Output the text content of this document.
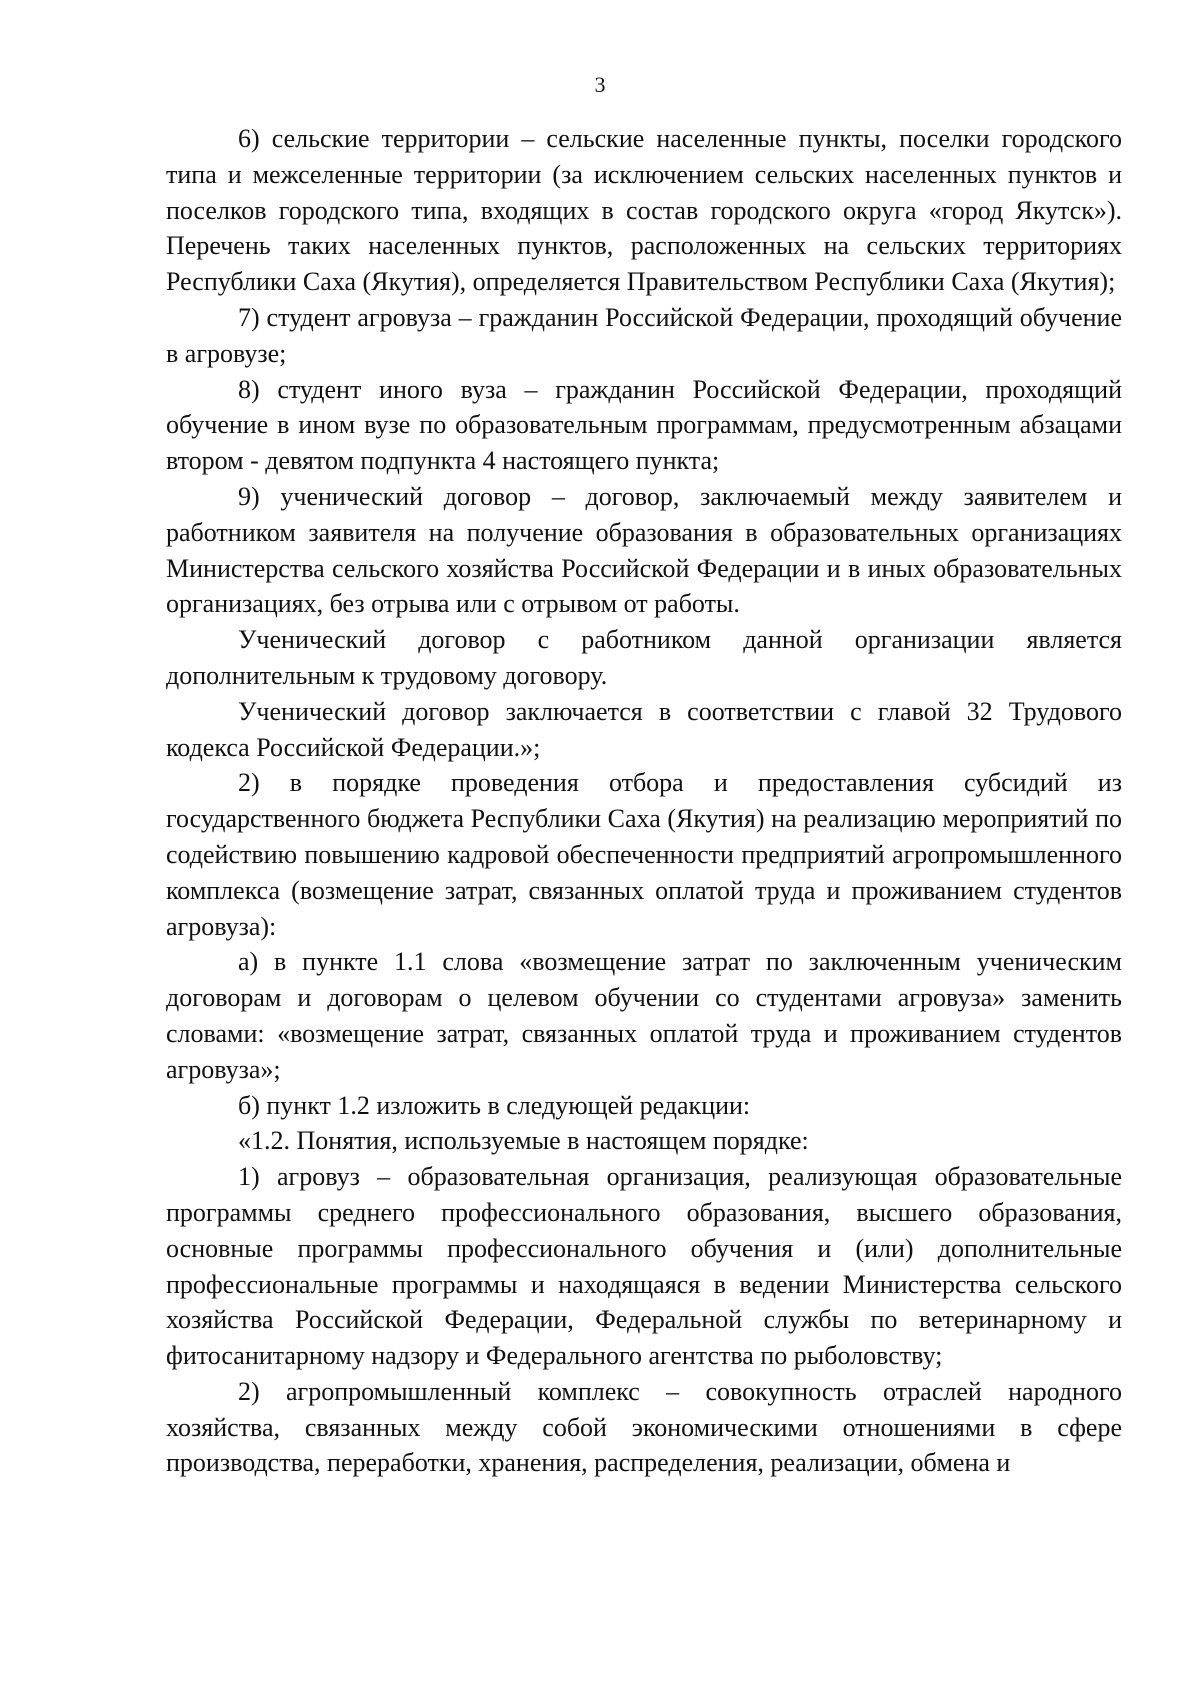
3

6) сельские территории – сельские населенные пункты, поселки городского типа и межселенные территории (за исключением сельских населенных пунктов и поселков городского типа, входящих в состав городского округа «город Якутск»). Перечень таких населенных пунктов, расположенных на сельских территориях Республики Саха (Якутия), определяется Правительством Республики Саха (Якутия);

7) студент агровуза – гражданин Российской Федерации, проходящий обучение в агровузе;

8) студент иного вуза – гражданин Российской Федерации, проходящий обучение в ином вузе по образовательным программам, предусмотренным абзацами втором - девятом подпункта 4 настоящего пункта;

9) ученический договор – договор, заключаемый между заявителем и работником заявителя на получение образования в образовательных организациях Министерства сельского хозяйства Российской Федерации и в иных образовательных организациях, без отрыва или с отрывом от работы.

Ученический договор с работником данной организации является дополнительным к трудовому договору.

Ученический договор заключается в соответствии с главой 32 Трудового кодекса Российской Федерации.»;

2) в порядке проведения отбора и предоставления субсидий из государственного бюджета Республики Саха (Якутия) на реализацию мероприятий по содействию повышению кадровой обеспеченности предприятий агропромышленного комплекса (возмещение затрат, связанных оплатой труда и проживанием студентов агровуза):

а) в пункте 1.1 слова «возмещение затрат по заключенным ученическим договорам и договорам о целевом обучении со студентами агровуза» заменить словами: «возмещение затрат, связанных оплатой труда и проживанием студентов агровуза»;

б) пункт 1.2 изложить в следующей редакции:

«1.2. Понятия, используемые в настоящем порядке:

1) агровуз – образовательная организация, реализующая образовательные программы среднего профессионального образования, высшего образования, основные программы профессионального обучения и (или) дополнительные профессиональные программы и находящаяся в ведении Министерства сельского хозяйства Российской Федерации, Федеральной службы по ветеринарному и фитосанитарному надзору и Федерального агентства по рыболовству;

2) агропромышленный комплекс – совокупность отраслей народного хозяйства, связанных между собой экономическими отношениями в сфере производства, переработки, хранения, распределения, реализации, обмена и
